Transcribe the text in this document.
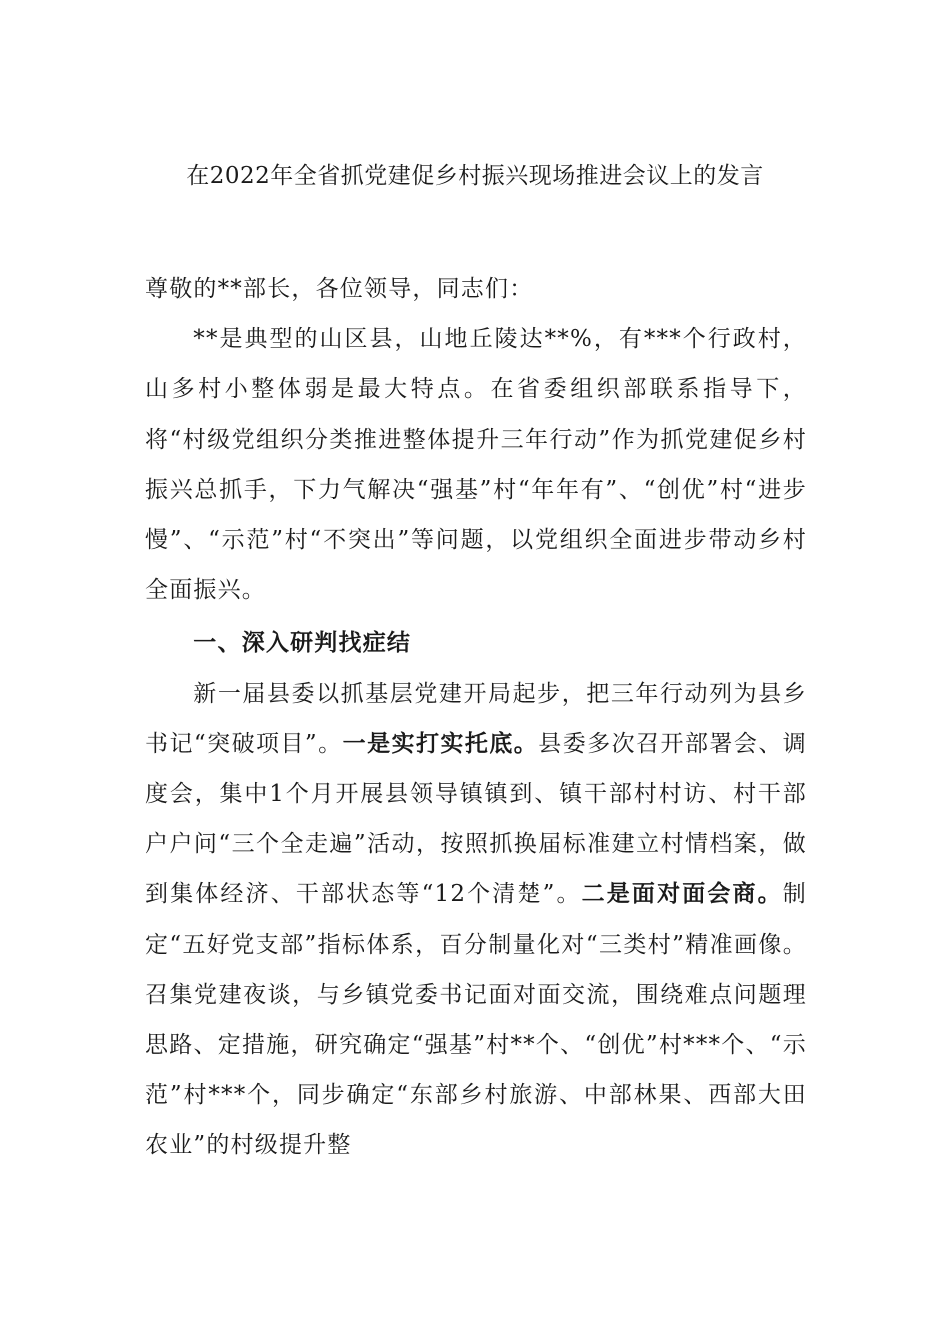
在2022年全省抓党建促乡村振兴现场推进会议上的发言

尊敬的**部长，各位领导，同志们：

**是典型的山区县，山地丘陵达**%，有***个行政村，山多村小整体弱是最大特点。在省委组织部联系指导下，将“村级党组织分类推进整体提升三年行动”作为抓党建促乡村振兴总抓手，下力气解决“强基”村“年年有”、“创优”村“进步慢”、“示范”村“不突出”等问题，以党组织全面进步带动乡村全面振兴。

一、深入研判找症结

新一届县委以抓基层党建开局起步，把三年行动列为县乡书记“突破项目”。一是实打实托底。县委多次召开部署会、调度会，集中1个月开展县领导镇镇到、镇干部村村访、村干部户户问“三个全走遍”活动，按照抓换届标准建立村情档案，做到集体经济、干部状态等“12个清楚”。二是面对面会商。制定“五好党支部”指标体系，百分制量化对“三类村”精准画像。召集党建夜谈，与乡镇党委书记面对面交流，围绕难点问题理思路、定措施，研究确定“强基”村**个、“创优”村***个、“示范”村***个，同步确定“东部乡村旅游、中部林果、西部大田农业”的村级提升整
